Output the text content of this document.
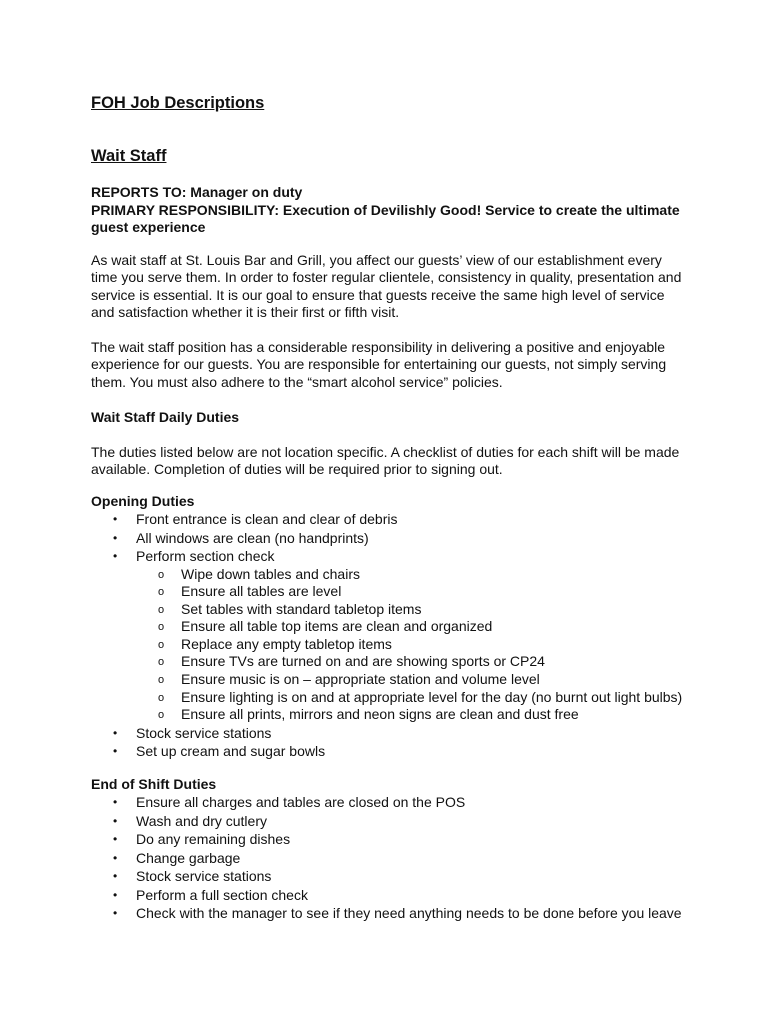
FOH Job Descriptions
Wait Staff

REPORTS TO: Manager on duty

PRIMARY RESPONSIBILITY: Execution of Devilishly Good! Service to create the ultimate guest experience

As wait staff at St. Louis Bar and Grill, you affect our guests’ view of our establishment every time you serve them. In order to foster regular clientele, consistency in quality, presentation and service is essential. It is our goal to ensure that guests receive the same high level of service and satisfaction whether it is their first or fifth visit.

The wait staff position has a considerable responsibility in delivering a positive and enjoyable experience for our guests. You are responsible for entertaining our guests, not simply serving them. You must also adhere to the “smart alcohol service” policies.

Wait Staff Daily Duties

The duties listed below are not location specific. A checklist of duties for each shift will be made available. Completion of duties will be required prior to signing out.

Opening Duties

• Front entrance is clean and clear of debris
• All windows are clean (no handprints)
• Perform section check
o Wipe down tables and chairs
o Ensure all tables are level
o Set tables with standard tabletop items
o Ensure all table top items are clean and organized
o Replace any empty tabletop items
o Ensure TVs are turned on and are showing sports or CP24
o Ensure music is on – appropriate station and volume level
o Ensure lighting is on and at appropriate level for the day (no burnt out light bulbs)
o Ensure all prints, mirrors and neon signs are clean and dust free
• Stock service stations
• Set up cream and sugar bowls

End of Shift Duties

• Ensure all charges and tables are closed on the POS
• Wash and dry cutlery
• Do any remaining dishes
• Change garbage
• Stock service stations
• Perform a full section check
• Check with the manager to see if they need anything needs to be done before you leave
